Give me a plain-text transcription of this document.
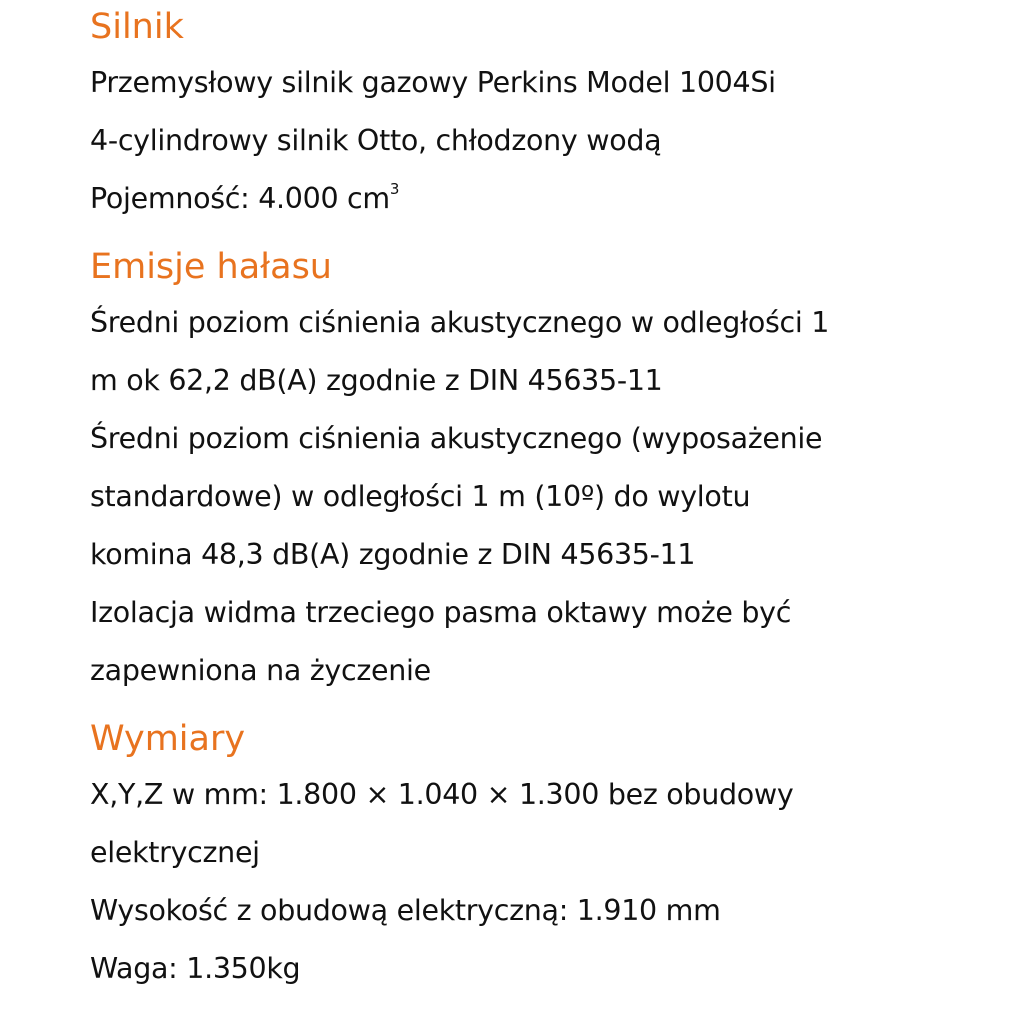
Silnik

Przemysłowy silnik gazowy Perkins Model 1004Si

4-cylindrowy silnik Otto, chłodzony wodą

Pojemność: 4.000 $cm^3$

Emisje hałasu

Średni poziom ciśnienia akustycznego w odległości 1

m ok 62,2 dB(A) zgodnie z DIN 45635-11

Średni poziom ciśnienia akustycznego (wyposażenie

standardowe) w odległości 1 m (10º) do wylotu

komina 48,3 dB(A) zgodnie z DIN 45635-11

Izolacja widma trzeciego pasma oktawy może być

zapewniona na życzenie

Wymiary

X,Y,Z w mm: 1.800 × 1.040 × 1.300 bez obudowy

elektrycznej

Wysokość z obudową elektryczną: 1.910 mm

Waga: 1.350kg
